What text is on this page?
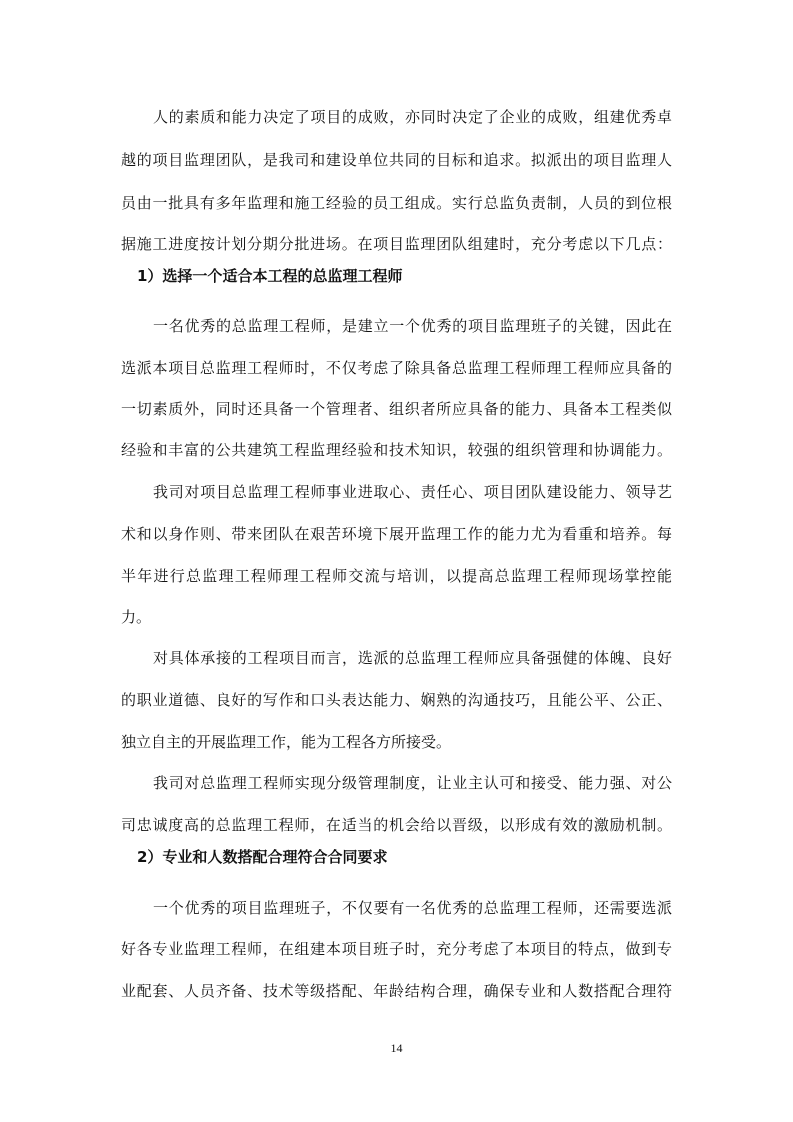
人的素质和能力决定了项目的成败，亦同时决定了企业的成败，组建优秀卓
越的项目监理团队，是我司和建设单位共同的目标和追求。拟派出的项目监理人
员由一批具有多年监理和施工经验的员工组成。实行总监负责制，人员的到位根
据施工进度按计划分期分批进场。在项目监理团队组建时，充分考虑以下几点：
1）选择一个适合本工程的总监理工程师
一名优秀的总监理工程师，是建立一个优秀的项目监理班子的关键，因此在
选派本项目总监理工程师时，不仅考虑了除具备总监理工程师理工程师应具备的
一切素质外，同时还具备一个管理者、组织者所应具备的能力、具备本工程类似
经验和丰富的公共建筑工程监理经验和技术知识，较强的组织管理和协调能力。
我司对项目总监理工程师事业进取心、责任心、项目团队建设能力、领导艺
术和以身作则、带来团队在艰苦环境下展开监理工作的能力尤为看重和培养。每
半年进行总监理工程师理工程师交流与培训，以提高总监理工程师现场掌控能
力。
对具体承接的工程项目而言，选派的总监理工程师应具备强健的体魄、良好
的职业道德、良好的写作和口头表达能力、娴熟的沟通技巧，且能公平、公正、
独立自主的开展监理工作，能为工程各方所接受。
我司对总监理工程师实现分级管理制度，让业主认可和接受、能力强、对公
司忠诚度高的总监理工程师，在适当的机会给以晋级，以形成有效的激励机制。
2）专业和人数搭配合理符合合同要求
一个优秀的项目监理班子，不仅要有一名优秀的总监理工程师，还需要选派
好各专业监理工程师，在组建本项目班子时，充分考虑了本项目的特点，做到专
业配套、人员齐备、技术等级搭配、年龄结构合理，确保专业和人数搭配合理符
14
